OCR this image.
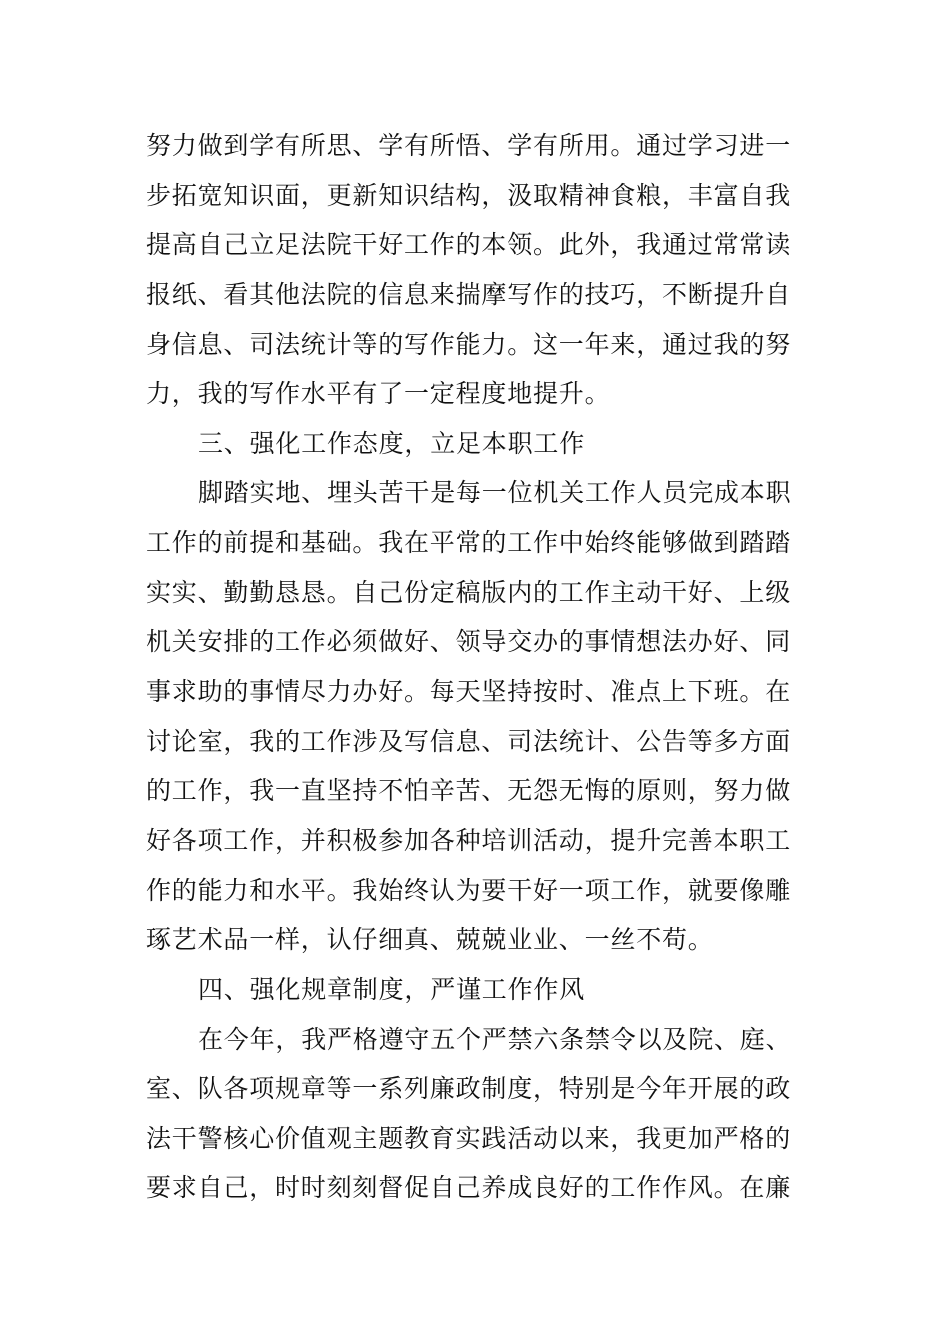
努力做到学有所思、学有所悟、学有所用。通过学习进一
步拓宽知识面，更新知识结构，汲取精神食粮，丰富自我
提高自己立足法院干好工作的本领。此外，我通过常常读
报纸、看其他法院的信息来揣摩写作的技巧，不断提升自
身信息、司法统计等的写作能力。这一年来，通过我的努
力，我的写作水平有了一定程度地提升。
三、强化工作态度，立足本职工作
脚踏实地、埋头苦干是每一位机关工作人员完成本职
工作的前提和基础。我在平常的工作中始终能够做到踏踏
实实、勤勤恳恳。自己份定稿版内的工作主动干好、上级
机关安排的工作必须做好、领导交办的事情想法办好、同
事求助的事情尽力办好。每天坚持按时、准点上下班。在
讨论室，我的工作涉及写信息、司法统计、公告等多方面
的工作，我一直坚持不怕辛苦、无怨无悔的原则，努力做
好各项工作，并积极参加各种培训活动，提升完善本职工
作的能力和水平。我始终认为要干好一项工作，就要像雕
琢艺术品一样，认仔细真、兢兢业业、一丝不苟。
四、强化规章制度，严谨工作作风
在今年，我严格遵守五个严禁六条禁令以及院、庭、
室、队各项规章等一系列廉政制度，特别是今年开展的政
法干警核心价值观主题教育实践活动以来，我更加严格的
要求自己，时时刻刻督促自己养成良好的工作作风。在廉
